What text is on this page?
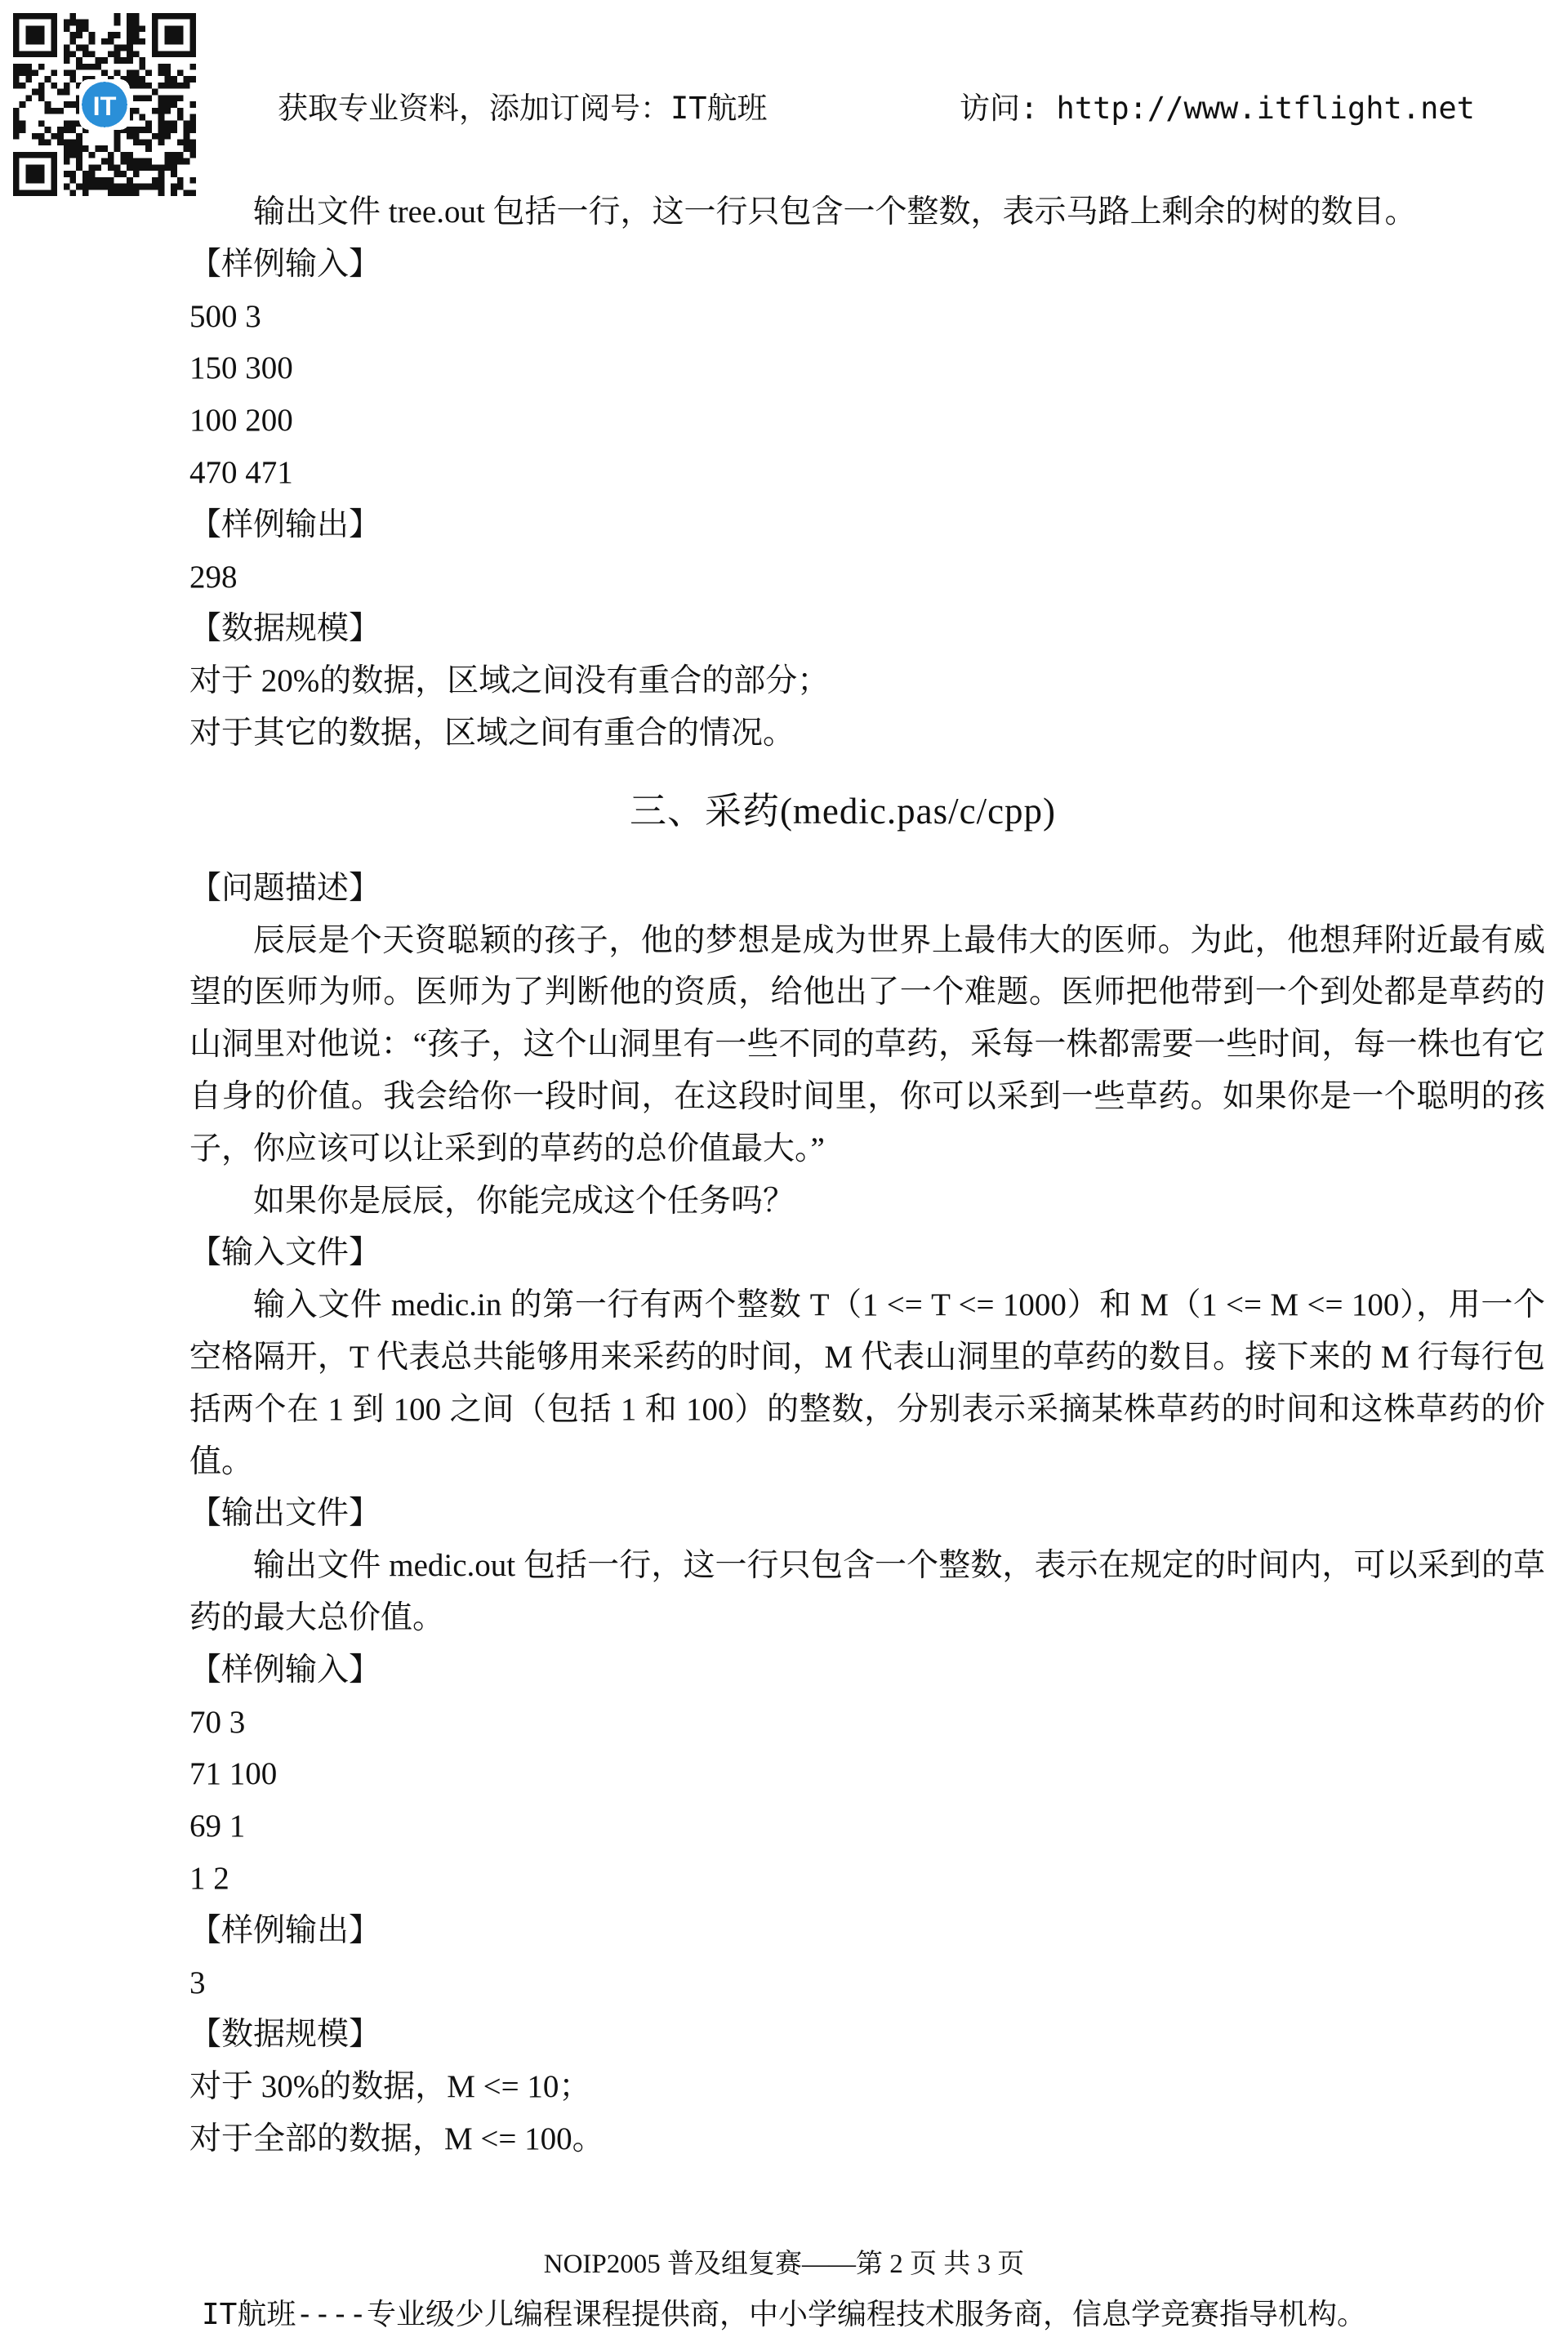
IT	获取专业资料，添加订阅号：IT航班	访问: http://www.itflight.net

输出文件 tree.out 包括一行，这一行只包含一个整数，表示马路上剩余的树的数目。

【样例输入】

500 3

150 300

100 200

470 471

【样例输出】

298

【数据规模】

对于 20%的数据，区域之间没有重合的部分；

对于其它的数据，区域之间有重合的情况。

三、采药(medic.pas/c/cpp)

【问题描述】

辰辰是个天资聪颖的孩子，他的梦想是成为世界上最伟大的医师。为此，他想拜附近最有威望的医师为师。医师为了判断他的资质，给他出了一个难题。医师把他带到一个到处都是草药的山洞里对他说：“孩子，这个山洞里有一些不同的草药，采每一株都需要一些时间，每一株也有它自身的价值。我会给你一段时间，在这段时间里，你可以采到一些草药。如果你是一个聪明的孩子，你应该可以让采到的草药的总价值最大。”

如果你是辰辰，你能完成这个任务吗？

【输入文件】

输入文件 medic.in 的第一行有两个整数 T（1 <= T <= 1000）和 M（1 <= M <= 100），用一个空格隔开，T 代表总共能够用来采药的时间，M 代表山洞里的草药的数目。接下来的 M 行每行包括两个在 1 到 100 之间（包括 1 和 100）的整数，分别表示采摘某株草药的时间和这株草药的价值。

【输出文件】

输出文件 medic.out 包括一行，这一行只包含一个整数，表示在规定的时间内，可以采到的草药的最大总价值。

【样例输入】

70 3

71 100

69 1

1 2

【样例输出】

3

【数据规模】

对于 30%的数据，M <= 10；

对于全部的数据，M <= 100。

NOIP2005 普及组复赛——第 2 页 共 3 页
IT航班----专业级少儿编程课程提供商，中小学编程技术服务商，信息学竞赛指导机构。
